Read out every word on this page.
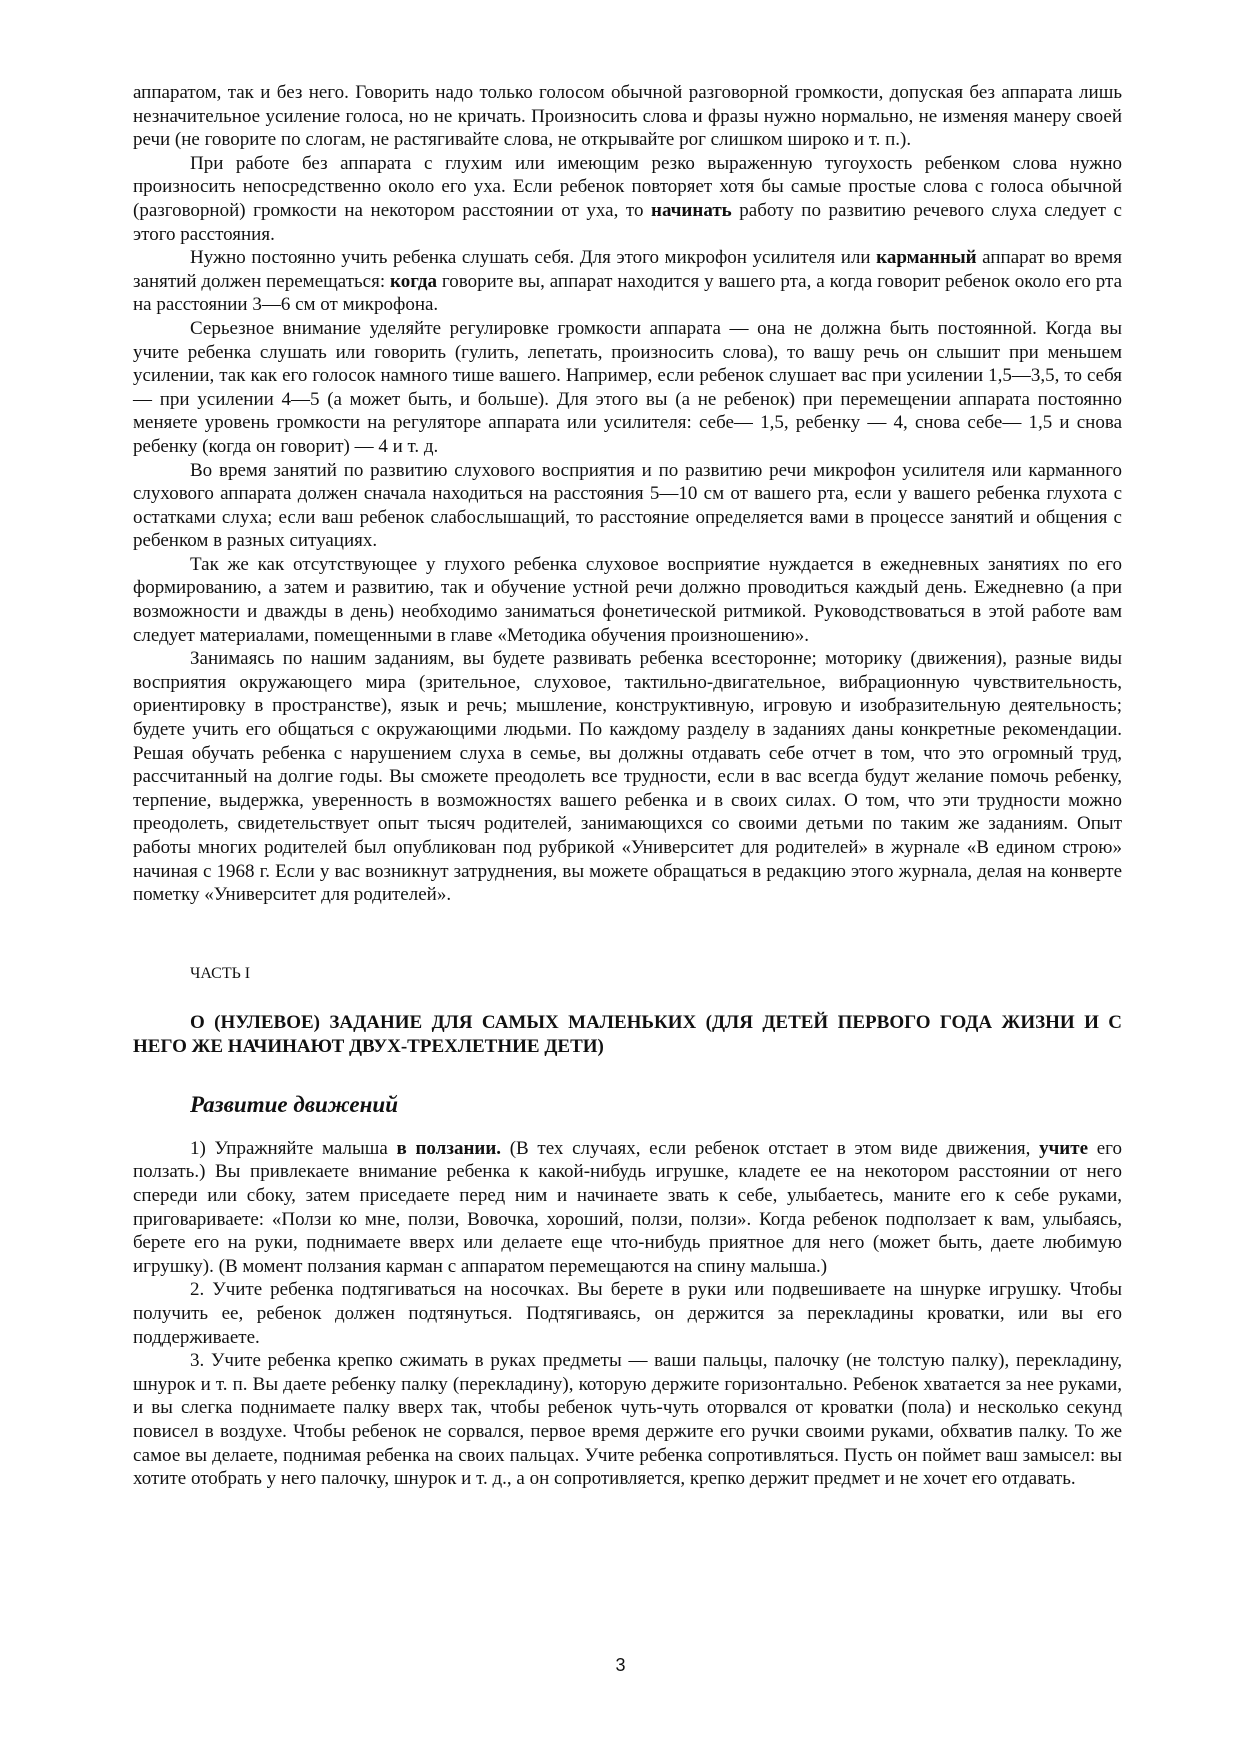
аппаратом, так и без него. Говорить надо только голосом обычной разговорной громкости, допуская без аппарата лишь незначительное усиление голоса, но не кричать. Произносить слова и фразы нужно нормально, не изменяя манеру своей речи (не говорите по слогам, не растягивайте слова, не открывайте рог слишком широко и т. п.).

При работе без аппарата с глухим или имеющим резко выраженную тугоухость ребенком слова нужно произносить непосредственно около его уха. Если ребенок повторяет хотя бы самые простые слова с голоса обычной (разговорной) громкости на некотором расстоянии от уха, то начинать работу по развитию речевого слуха следует с этого расстояния.

Нужно постоянно учить ребенка слушать себя. Для этого микрофон усилителя или карманный аппарат во время занятий должен перемещаться: когда говорите вы, аппарат находится у вашего рта, а когда говорит ребенок около его рта на расстоянии 3—6 см от микрофона.

Серьезное внимание уделяйте регулировке громкости аппарата — она не должна быть постоянной. Когда вы учите ребенка слушать или говорить (гулить, лепетать, произносить слова), то вашу речь он слышит при меньшем усилении, так как его голосок намного тише вашего. Например, если ребенок слушает вас при усилении 1,5—3,5, то себя — при усилении 4—5 (а может быть, и больше). Для этого вы (а не ребенок) при перемещении аппарата постоянно меняете уровень громкости на регуляторе аппарата или усилителя: себе— 1,5, ребенку — 4, снова себе— 1,5 и снова ребенку (когда он говорит) — 4 и т. д.

Во время занятий по развитию слухового восприятия и по развитию речи микрофон усилителя или карманного слухового аппарата должен сначала находиться на расстояния 5—10 см от вашего рта, если у вашего ребенка глухота с остатками слуха; если ваш ребенок слабослышащий, то расстояние определяется вами в процессе занятий и общения с ребенком в разных ситуациях.

Так же как отсутствующее у глухого ребенка слуховое восприятие нуждается в ежедневных занятиях по его формированию, а затем и развитию, так и обучение устной речи должно проводиться каждый день. Ежедневно (а при возможности и дважды в день) необходимо заниматься фонетической ритмикой. Руководствоваться в этой работе вам следует материалами, помещенными в главе «Методика обучения произношению».

Занимаясь по нашим заданиям, вы будете развивать ребенка всесторонне; моторику (движения), разные виды восприятия окружающего мира (зрительное, слуховое, тактильно-двигательное, вибрационную чувствительность, ориентировку в пространстве), язык и речь; мышление, конструктивную, игровую и изобразительную деятельность; будете учить его общаться с окружающими людьми. По каждому разделу в заданиях даны конкретные рекомендации. Решая обучать ребенка с нарушением слуха в семье, вы должны отдавать себе отчет в том, что это огромный труд, рассчитанный на долгие годы. Вы сможете преодолеть все трудности, если в вас всегда будут желание помочь ребенку, терпение, выдержка, уверенность в возможностях вашего ребенка и в своих силах. О том, что эти трудности можно преодолеть, свидетельствует опыт тысяч родителей, занимающихся со своими детьми по таким же заданиям. Опыт работы многих родителей был опубликован под рубрикой «Университет для родителей» в журнале «В едином строю» начиная с 1968 г. Если у вас возникнут затруднения, вы можете обращаться в редакцию этого журнала, делая на конверте пометку «Университет для родителей».

ЧАСТЬ I
О (НУЛЕВОЕ) ЗАДАНИЕ ДЛЯ САМЫХ МАЛЕНЬКИХ (ДЛЯ ДЕТЕЙ ПЕРВОГО ГОДА ЖИЗНИ И С НЕГО ЖЕ НАЧИНАЮТ ДВУХ-ТРЕХЛЕТНИЕ ДЕТИ)
Развитие движений

1) Упражняйте малыша в ползании. (В тех случаях, если ребенок отстает в этом виде движения, учите его ползать.) Вы привлекаете внимание ребенка к какой-нибудь игрушке, кладете ее на некотором расстоянии от него спереди или сбоку, затем приседаете перед ним и начинаете звать к себе, улыбаетесь, маните его к себе руками, приговариваете: «Ползи ко мне, ползи, Вовочка, хороший, ползи, ползи». Когда ребенок подползает к вам, улыбаясь, берете его на руки, поднимаете вверх или делаете еще что-нибудь приятное для него (может быть, даете любимую игрушку). (В момент ползания карман с аппаратом перемещаются на спину малыша.)

2. Учите ребенка подтягиваться на носочках. Вы берете в руки или подвешиваете на шнурке игрушку. Чтобы получить ее, ребенок должен подтянуться. Подтягиваясь, он держится за перекладины кроватки, или вы его поддерживаете.

3. Учите ребенка крепко сжимать в руках предметы — ваши пальцы, палочку (не толстую палку), перекладину, шнурок и т. п. Вы даете ребенку палку (перекладину), которую держите горизонтально. Ребенок хватается за нее руками, и вы слегка поднимаете палку вверх так, чтобы ребенок чуть-чуть оторвался от кроватки (пола) и несколько секунд повисел в воздухе. Чтобы ребенок не сорвался, первое время держите его ручки своими руками, обхватив палку. То же самое вы делаете, поднимая ребенка на своих пальцах. Учите ребенка сопротивляться. Пусть он поймет ваш замысел: вы хотите отобрать у него палочку, шнурок и т. д., а он сопротивляется, крепко держит предмет и не хочет его отдавать.

3
